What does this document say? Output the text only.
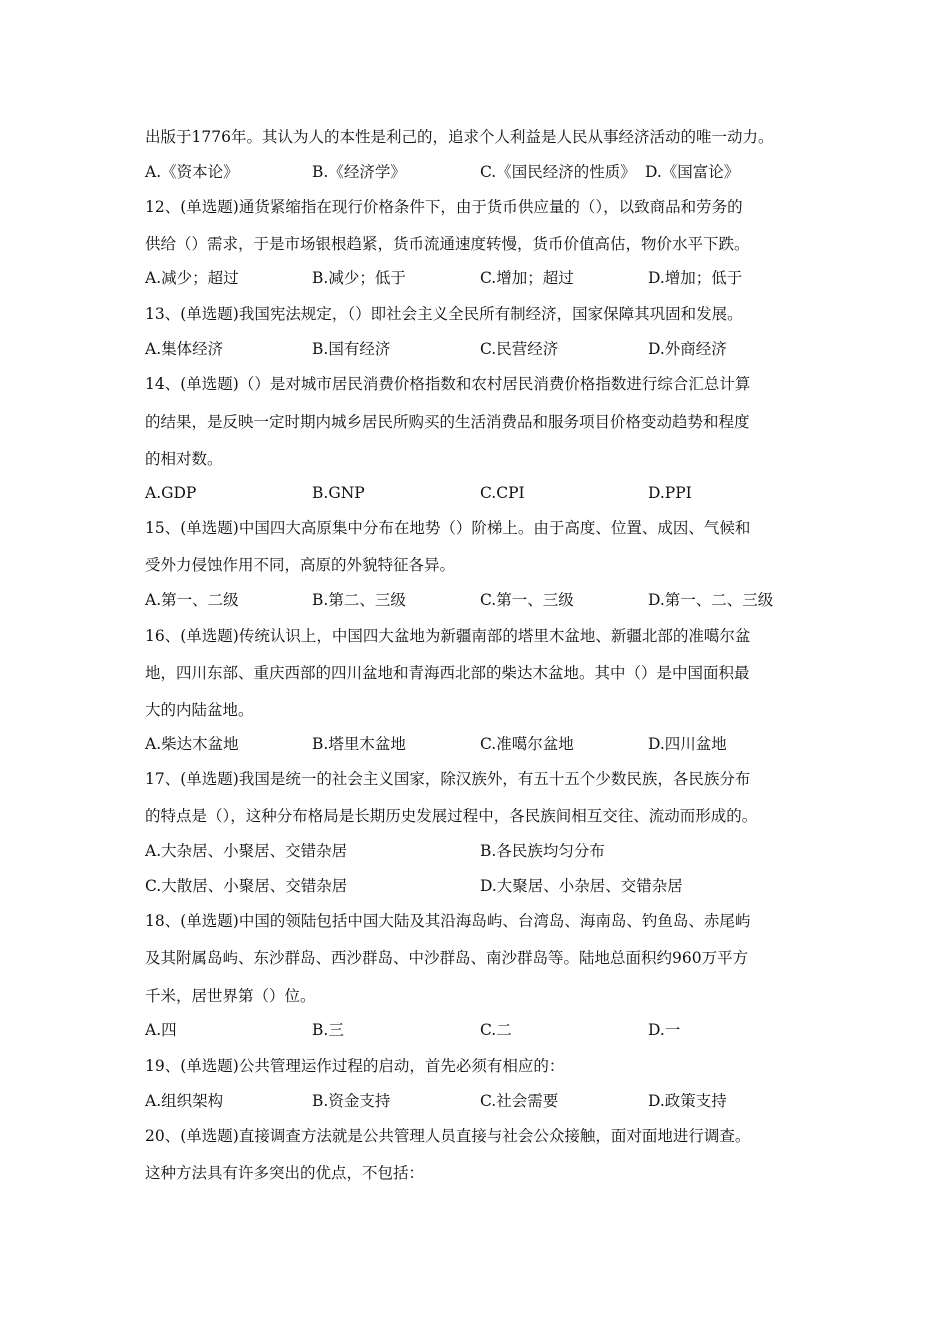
出版于1776年。其认为人的本性是利己的，追求个人利益是人民从事经济活动的唯一动力。
A.《资本论》	B.《经济学》	C.《国民经济的性质》 D.《国富论》
12、(单选题)通货紧缩指在现行价格条件下，由于货币供应量的（），以致商品和劳务的
供给（）需求，于是市场银根趋紧，货币流通速度转慢，货币价值高估，物价水平下跌。
A.减少；超过	B.减少；低于	C.增加；超过	D.增加；低于
13、(单选题)我国宪法规定，（）即社会主义全民所有制经济，国家保障其巩固和发展。
A.集体经济	B.国有经济	C.民营经济	D.外商经济
14、(单选题)（）是对城市居民消费价格指数和农村居民消费价格指数进行综合汇总计算
的结果，是反映一定时期内城乡居民所购买的生活消费品和服务项目价格变动趋势和程度
的相对数。
A.GDP	B.GNP	C.CPI	D.PPI
15、(单选题)中国四大高原集中分布在地势（）阶梯上。由于高度、位置、成因、气候和
受外力侵蚀作用不同，高原的外貌特征各异。
A.第一、二级	B.第二、三级	C.第一、三级	D.第一、二、三级
16、(单选题)传统认识上，中国四大盆地为新疆南部的塔里木盆地、新疆北部的准噶尔盆
地，四川东部、重庆西部的四川盆地和青海西北部的柴达木盆地。其中（）是中国面积最
大的内陆盆地。
A.柴达木盆地	B.塔里木盆地	C.准噶尔盆地	D.四川盆地
17、(单选题)我国是统一的社会主义国家，除汉族外，有五十五个少数民族，各民族分布
的特点是（），这种分布格局是长期历史发展过程中，各民族间相互交往、流动而形成的。
A.大杂居、小聚居、交错杂居	B.各民族均匀分布
C.大散居、小聚居、交错杂居	D.大聚居、小杂居、交错杂居
18、(单选题)中国的领陆包括中国大陆及其沿海岛屿、台湾岛、海南岛、钓鱼岛、赤尾屿
及其附属岛屿、东沙群岛、西沙群岛、中沙群岛、南沙群岛等。陆地总面积约960万平方
千米，居世界第（）位。
A.四	B.三	C.二	D.一
19、(单选题)公共管理运作过程的启动，首先必须有相应的：
A.组织架构	B.资金支持	C.社会需要	D.政策支持
20、(单选题)直接调查方法就是公共管理人员直接与社会公众接触，面对面地进行调查。
这种方法具有许多突出的优点，不包括：
